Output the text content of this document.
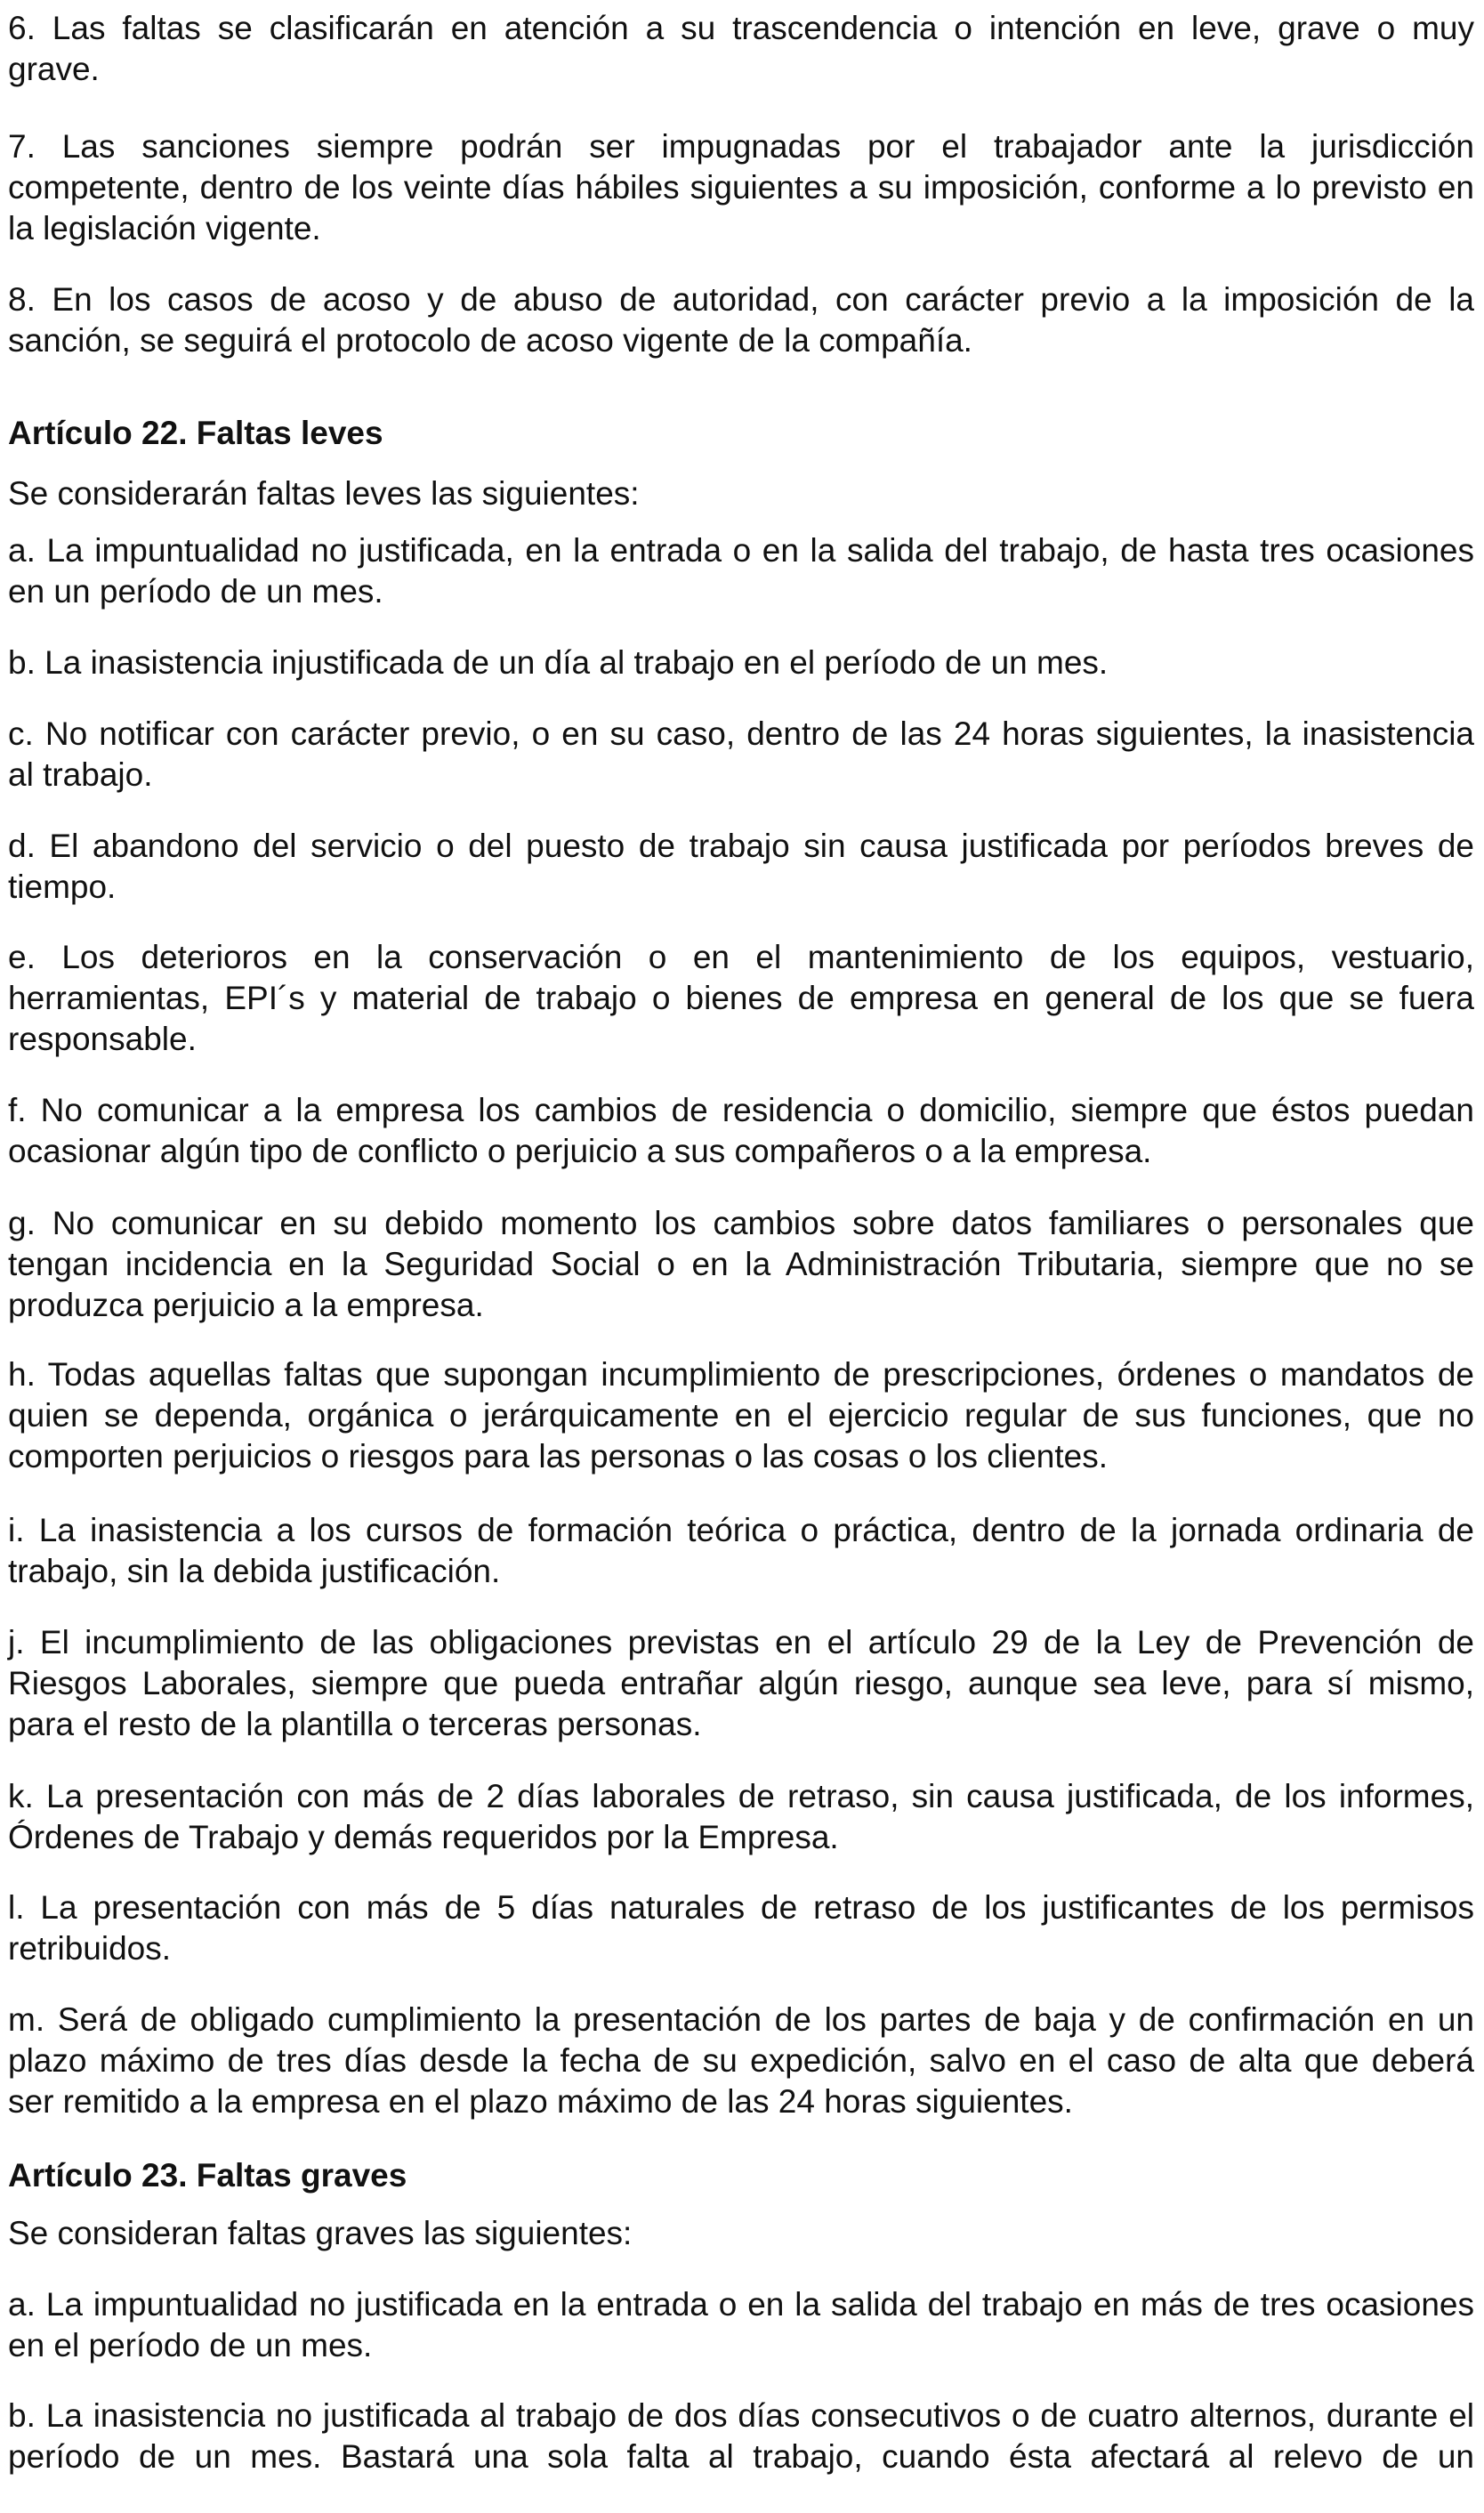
6. Las faltas se clasificarán en atención a su trascendencia o intención en leve, grave o muy
grave.
7. Las sanciones siempre podrán ser impugnadas por el trabajador ante la jurisdicción
competente, dentro de los veinte días hábiles siguientes a su imposición, conforme a lo previsto en
la legislación vigente.
8. En los casos de acoso y de abuso de autoridad, con carácter previo a la imposición de la
sanción, se seguirá el protocolo de acoso vigente de la compañía.
Artículo 22. Faltas leves
Se considerarán faltas leves las siguientes:
a. La impuntualidad no justificada, en la entrada o en la salida del trabajo, de hasta tres ocasiones
en un período de un mes.
b. La inasistencia injustificada de un día al trabajo en el período de un mes.
c. No notificar con carácter previo, o en su caso, dentro de las 24 horas siguientes, la inasistencia
al trabajo.
d. El abandono del servicio o del puesto de trabajo sin causa justificada por períodos breves de
tiempo.
e. Los deterioros en la conservación o en el mantenimiento de los equipos, vestuario,
herramientas, EPI´s y material de trabajo o bienes de empresa en general de los que se fuera
responsable.
f. No comunicar a la empresa los cambios de residencia o domicilio, siempre que éstos puedan
ocasionar algún tipo de conflicto o perjuicio a sus compañeros o a la empresa.
g. No comunicar en su debido momento los cambios sobre datos familiares o personales que
tengan incidencia en la Seguridad Social o en la Administración Tributaria, siempre que no se
produzca perjuicio a la empresa.
h. Todas aquellas faltas que supongan incumplimiento de prescripciones, órdenes o mandatos de
quien se dependa, orgánica o jerárquicamente en el ejercicio regular de sus funciones, que no
comporten perjuicios o riesgos para las personas o las cosas o los clientes.
i. La inasistencia a los cursos de formación teórica o práctica, dentro de la jornada ordinaria de
trabajo, sin la debida justificación.
j. El incumplimiento de las obligaciones previstas en el artículo 29 de la Ley de Prevención de
Riesgos Laborales, siempre que pueda entrañar algún riesgo, aunque sea leve, para sí mismo,
para el resto de la plantilla o terceras personas.
k. La presentación con más de 2 días laborales de retraso, sin causa justificada, de los informes,
Órdenes de Trabajo y demás requeridos por la Empresa.
l. La presentación con más de 5 días naturales de retraso de los justificantes de los permisos
retribuidos.
m. Será de obligado cumplimiento la presentación de los partes de baja y de confirmación en un
plazo máximo de tres días desde la fecha de su expedición, salvo en el caso de alta que deberá
ser remitido a la empresa en el plazo máximo de las 24 horas siguientes.
Artículo 23. Faltas graves
Se consideran faltas graves las siguientes:
a. La impuntualidad no justificada en la entrada o en la salida del trabajo en más de tres ocasiones
en el período de un mes.
b. La inasistencia no justificada al trabajo de dos días consecutivos o de cuatro alternos, durante el
período de un mes. Bastará una sola falta al trabajo, cuando ésta afectará al relevo de un
